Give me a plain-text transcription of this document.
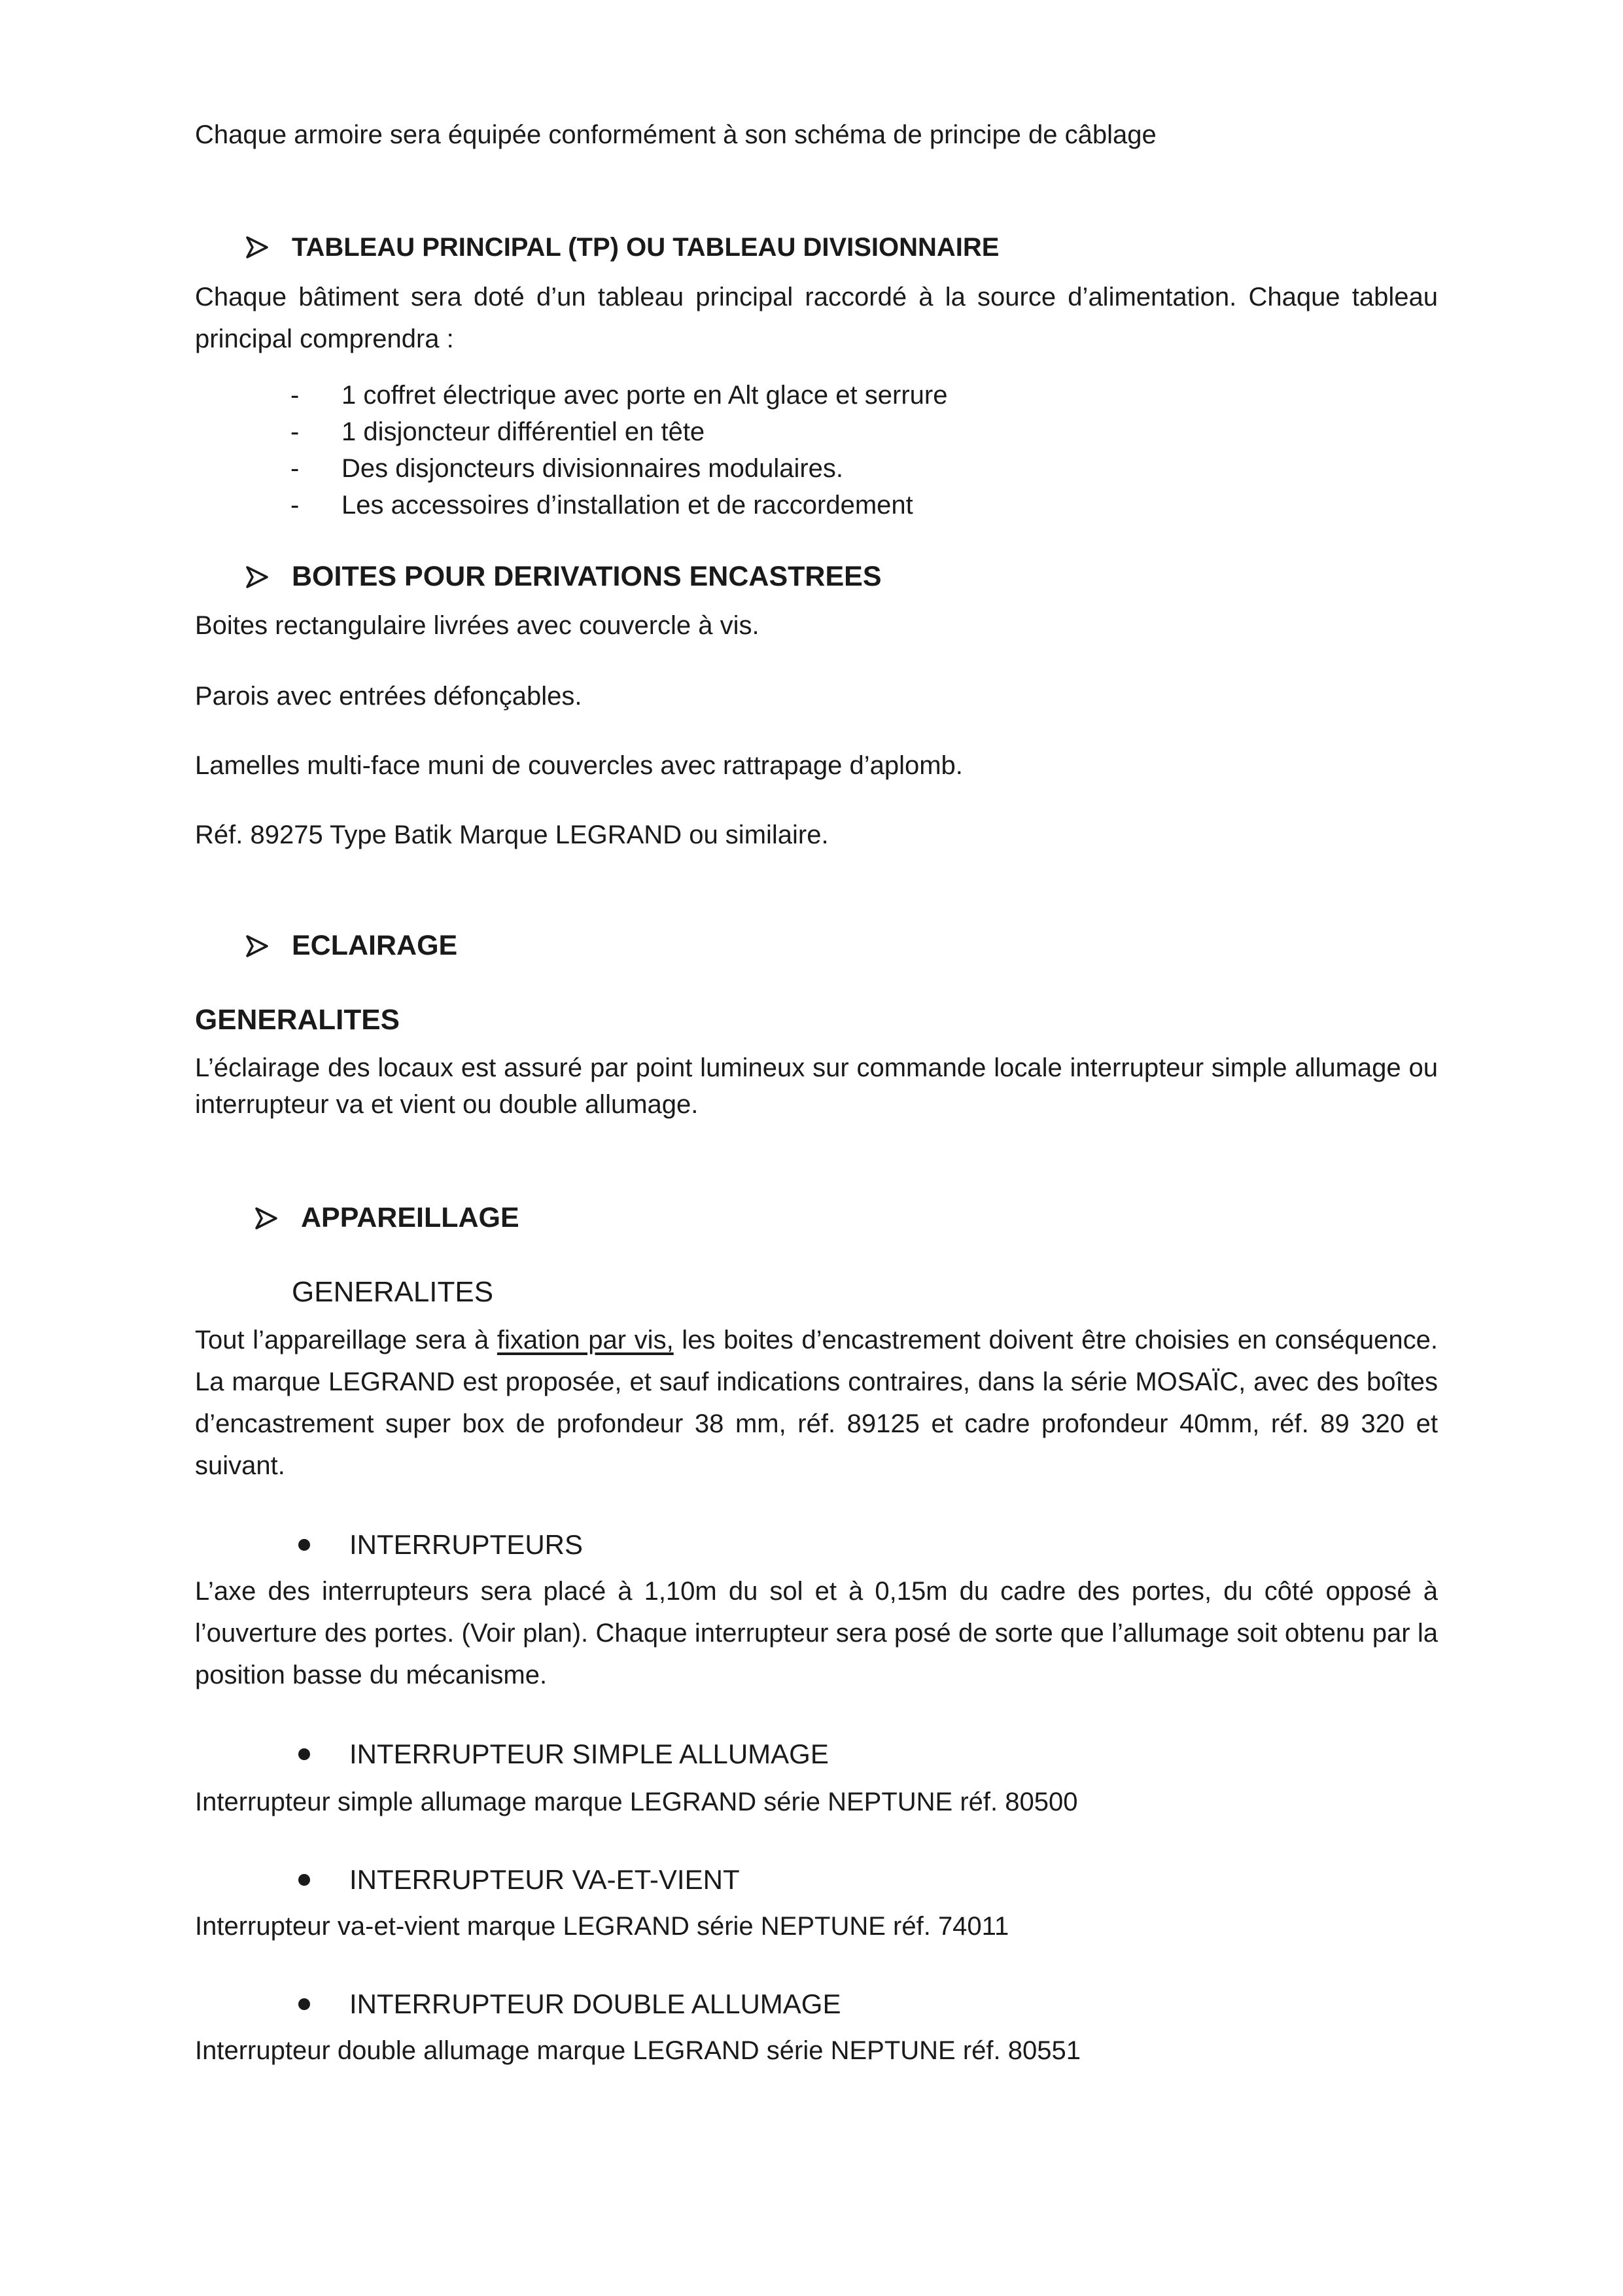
Chaque armoire sera équipée conformément à son schéma de principe de câblage

TABLEAU PRINCIPAL (TP) OU TABLEAU DIVISIONNAIRE

Chaque bâtiment sera doté d’un tableau principal raccordé à la source d’alimentation. Chaque tableau principal comprendra :

- 1 coffret électrique avec porte en Alt glace et serrure
- 1 disjoncteur différentiel en tête
- Des disjoncteurs divisionnaires modulaires.
- Les accessoires d’installation et de raccordement
BOITES POUR DERIVATIONS ENCASTREES

Boites rectangulaire livrées avec couvercle à vis.

Parois avec entrées défonçables.

Lamelles multi-face muni de couvercles avec rattrapage d’aplomb.

Réf. 89275 Type Batik Marque LEGRAND ou similaire.

ECLAIRAGE
GENERALITES

L’éclairage des locaux est assuré par point lumineux sur commande locale interrupteur simple allumage ou interrupteur va et vient ou double allumage.

APPAREILLAGE
GENERALITES

Tout l’appareillage sera à fixation par vis, les boites d’encastrement doivent être choisies en conséquence. La marque LEGRAND est proposée, et sauf indications contraires, dans la série MOSAÏC, avec des boîtes d’encastrement super box de profondeur 38 mm, réf. 89125 et cadre profondeur 40mm, réf. 89 320 et suivant.

INTERRUPTEURS

L’axe des interrupteurs sera placé à 1,10m du sol et à 0,15m du cadre des portes, du côté opposé à l’ouverture des portes. (Voir plan). Chaque interrupteur sera posé de sorte que l’allumage soit obtenu par la position basse du mécanisme.

INTERRUPTEUR SIMPLE ALLUMAGE

Interrupteur simple allumage marque LEGRAND série NEPTUNE réf. 80500

INTERRUPTEUR VA-ET-VIENT

Interrupteur va-et-vient marque LEGRAND série NEPTUNE réf. 74011

INTERRUPTEUR DOUBLE ALLUMAGE

Interrupteur double allumage marque LEGRAND série NEPTUNE réf. 80551
